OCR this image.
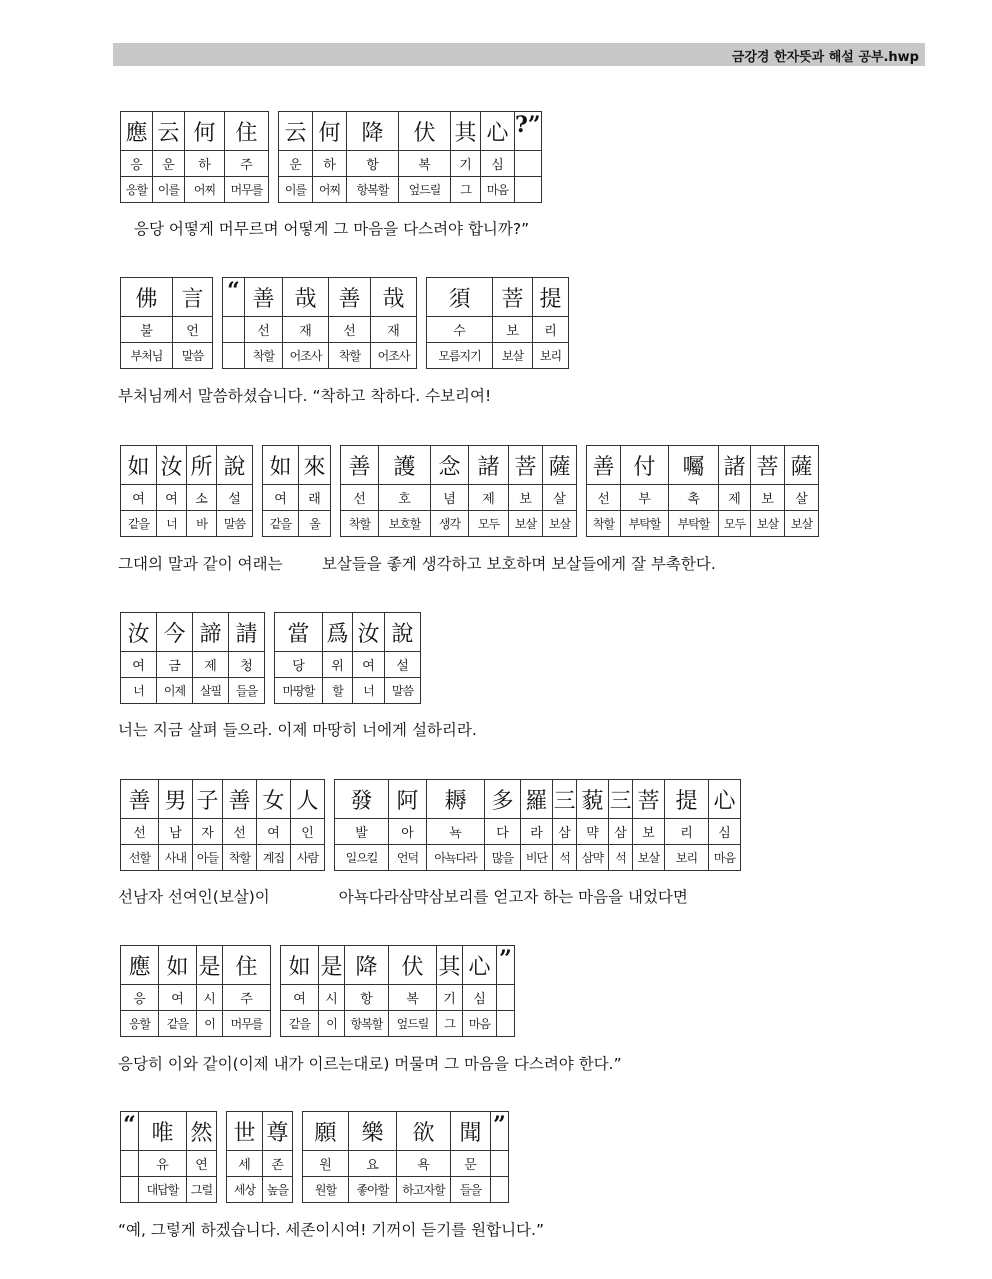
금강경 한자뜻과 해설 공부.hwp
應	云	何	住		云	何	降	伏	其	心	?”
응	운	하	주		운	하	항	복	기	심	
응할	이를	어찌	머무를		이를	어찌	항복할	엎드릴	그	마음	
응당 어떻게 머무르며 어떻게 그 마음을 다스려야 합니까?”
佛	言		“	善	哉	善	哉		須	菩	提
불	언			선	재	선	재		수	보	리
부처님	말씀			착할	어조사	착할	어조사		모름지기	보살	보리
부처님께서 말씀하셨습니다. “착하고 착하다. 수보리여!
如	汝	所	說		如	來		善	護	念	諸	菩	薩		善	付	囑	諸	菩	薩
여	여	소	설		여	래		선	호	념	제	보	살		선	부	촉	제	보	살
같을	너	바	말씀		같을	올		착할	보호할	생각	모두	보살	보살		착할	부탁할	부탁할	모두	보살	보살
그대의 말과 같이 여래는        보살들을 좋게 생각하고 보호하며 보살들에게 잘 부촉한다.
汝	今	諦	請		當	爲	汝	說
여	금	제	청		당	위	여	설
너	이제	살필	들을		마땅할	할	너	말씀
너는 지금 살펴 들으라. 이제 마땅히 너에게 설하리라.
善	男	子	善	女	人		發	阿	耨	多	羅	三	藐	三	菩	提	心
선	남	자	선	여	인		발	아	뇩	다	라	삼	먁	삼	보	리	심
선할	사내	아들	착할	계집	사람		일으킬	언덕	아뇩다라	많을	비단	석	삼먁	석	보살	보리	마음
선남자 선여인(보살)이              아뇩다라삼먁삼보리를 얻고자 하는 마음을 내었다면
應	如	是	住		如	是	降	伏	其	心	”
응	여	시	주		여	시	항	복	기	심	
응할	같을	이	머무를		같을	이	항복할	엎드릴	그	마음	
응당히 이와 같이(이제 내가 이르는대로) 머물며 그 마음을 다스려야 한다.”
“	唯	然		世	尊		願	樂	欲	聞	”
	유	연		세	존		원	요	욕	문	
	대답할	그럴		세상	높을		원할	좋아할	하고자할	들을	
“예, 그렇게 하겠습니다. 세존이시여! 기꺼이 듣기를 원합니다.”
